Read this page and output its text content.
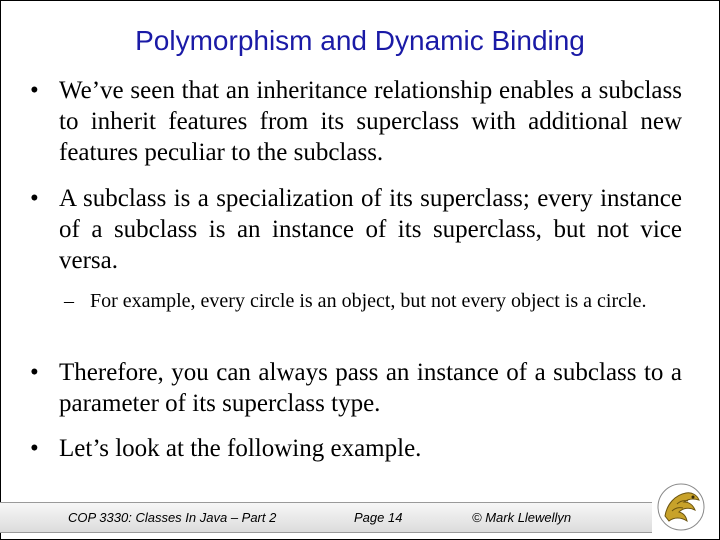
Polymorphism and Dynamic Binding
• We’ve seen that an inheritance relationship enables a subclass to inherit features from its superclass with additional new features peculiar to the subclass.
• A subclass is a specialization of its superclass; every instance of a subclass is an instance of its superclass, but not vice versa.
– For example, every circle is an object, but not every object is a circle.
• Therefore, you can always pass an instance of a subclass to a parameter of its superclass type.
• Let’s look at the following example.
COP 3330: Classes In Java – Part 2	Page 14	© Mark Llewellyn
